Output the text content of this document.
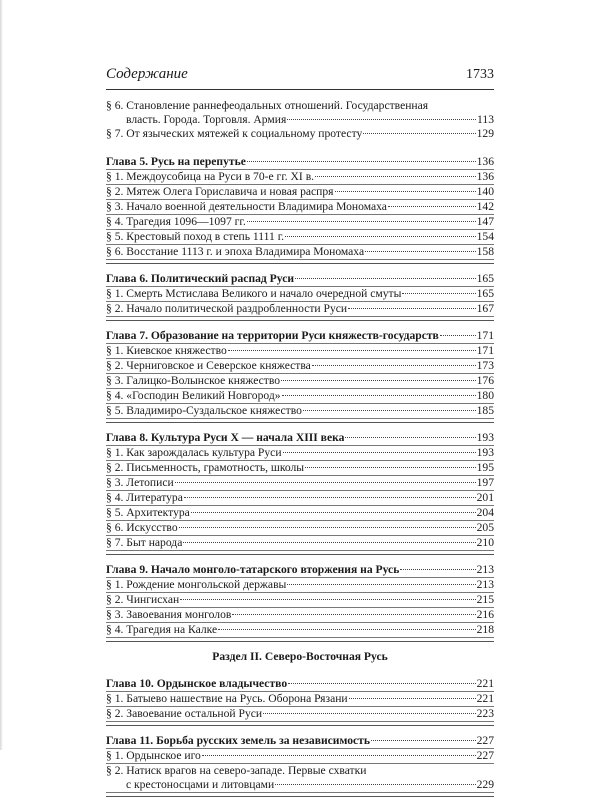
Содержание	1733
§ 6. Становление раннефеодальных отношений. Государственная
власть. Города. Торговля. Армия	113
§ 7. От языческих мятежей к социальному протесту	129
Глава 5. Русь на перепутье	136
§ 1. Междоусобица на Руси в 70-е гг. XI в.	136
§ 2. Мятеж Олега Гориславича и новая распря	140
§ 3. Начало военной деятельности Владимира Мономаха	142
§ 4. Трагедия 1096—1097 гг.	147
§ 5. Крестовый поход в степь 1111 г.	154
§ 6. Восстание 1113 г. и эпоха Владимира Мономаха	158
Глава 6. Политический распад Руси	165
§ 1. Смерть Мстислава Великого и начало очередной смуты	165
§ 2. Начало политической раздробленности Руси	167
Глава 7. Образование на территории Руси княжеств-государств	171
§ 1. Киевское княжество	171
§ 2. Черниговское и Северское княжества	173
§ 3. Галицко-Волынское княжество	176
§ 4. «Господин Великий Новгород»	180
§ 5. Владимиро-Суздальское княжество	185
Глава 8. Культура Руси X — начала XIII века	193
§ 1. Как зарождалась культура Руси	193
§ 2. Письменность, грамотность, школы	195
§ 3. Летописи	197
§ 4. Литература	201
§ 5. Архитектура	204
§ 6. Искусство	205
§ 7. Быт народа	210
Глава 9. Начало монголо-татарского вторжения на Русь	213
§ 1. Рождение монгольской державы	213
§ 2. Чингисхан	215
§ 3. Завоевания монголов	216
§ 4. Трагедия на Калке	218
Раздел II. Северо-Восточная Русь
Глава 10. Ордынское владычество	221
§ 1. Батыево нашествие на Русь. Оборона Рязани	221
§ 2. Завоевание остальной Руси	223
Глава 11. Борьба русских земель за независимость	227
§ 1. Ордынское иго	227
§ 2. Натиск врагов на северо-западе. Первые схватки
с крестоносцами и литовцами	229
